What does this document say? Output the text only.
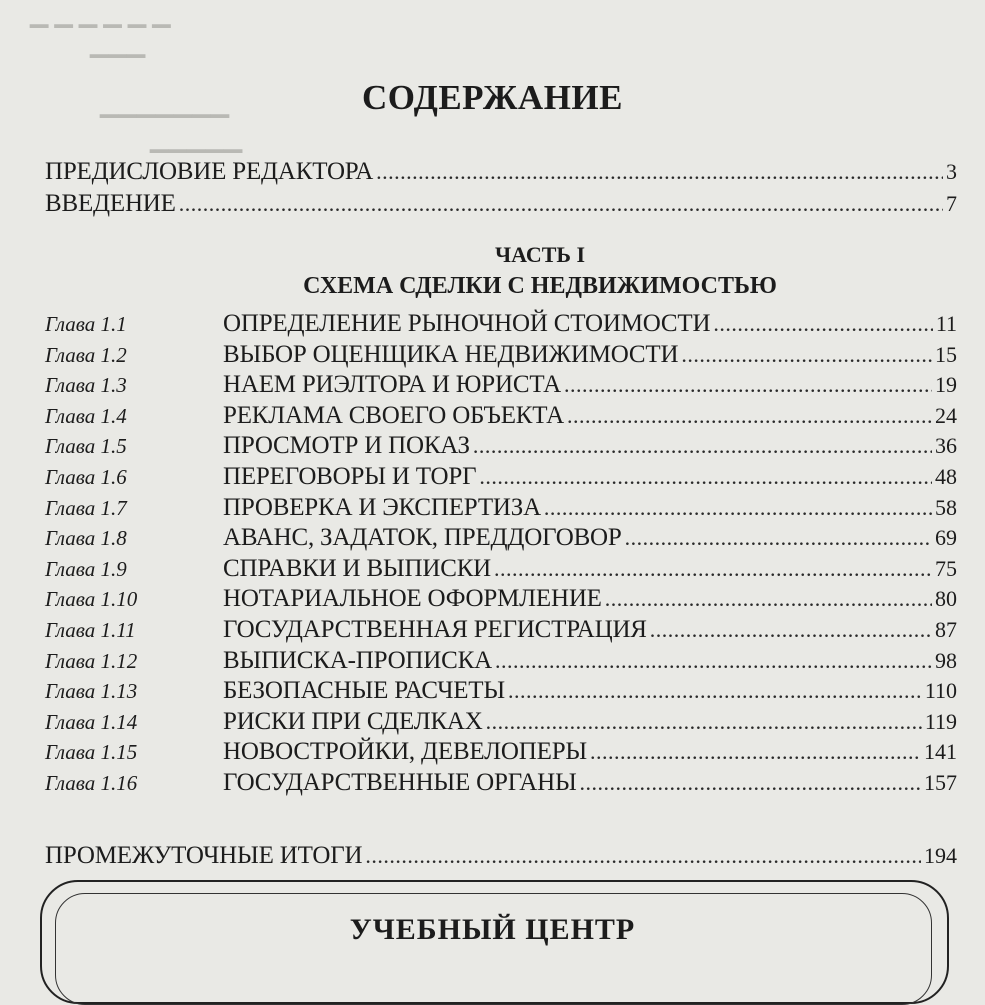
▁ ▁ ▁ ▁ ▁ ▁
▁▁▁
▁▁▁▁▁▁▁
▁▁▁▁▁
СОДЕРЖАНИЕ
ПРЕДИСЛОВИЕ РЕДАКТОРА .....	3
ВВЕДЕНИЕ .....	7
ЧАСТЬ I
СХЕМА СДЕЛКИ С НЕДВИЖИМОСТЬЮ
Глава 1.1	ОПРЕДЕЛЕНИЕ РЫНОЧНОЙ СТОИМОСТИ .....	11
Глава 1.2	ВЫБОР ОЦЕНЩИКА НЕДВИЖИМОСТИ .....	15
Глава 1.3	НАЕМ РИЭЛТОРА И ЮРИСТА .....	19
Глава 1.4	РЕКЛАМА СВОЕГО ОБЪЕКТА .....	24
Глава 1.5	ПРОСМОТР И ПОКАЗ .....	36
Глава 1.6	ПЕРЕГОВОРЫ И ТОРГ .....	48
Глава 1.7	ПРОВЕРКА И ЭКСПЕРТИЗА .....	58
Глава 1.8	АВАНС, ЗАДАТОК, ПРЕДДОГОВОР .....	69
Глава 1.9	СПРАВКИ И ВЫПИСКИ .....	75
Глава 1.10	НОТАРИАЛЬНОЕ ОФОРМЛЕНИЕ .....	80
Глава 1.11	ГОСУДАРСТВЕННАЯ РЕГИСТРАЦИЯ .....	87
Глава 1.12	ВЫПИСКА-ПРОПИСКА .....	98
Глава 1.13	БЕЗОПАСНЫЕ РАСЧЕТЫ .....	110
Глава 1.14	РИСКИ ПРИ СДЕЛКАХ .....	119
Глава 1.15	НОВОСТРОЙКИ, ДЕВЕЛОПЕРЫ .....	141
Глава 1.16	ГОСУДАРСТВЕННЫЕ ОРГАНЫ .....	157
ПРОМЕЖУТОЧНЫЕ ИТОГИ .....	194
УЧЕБНЫЙ ЦЕНТР
